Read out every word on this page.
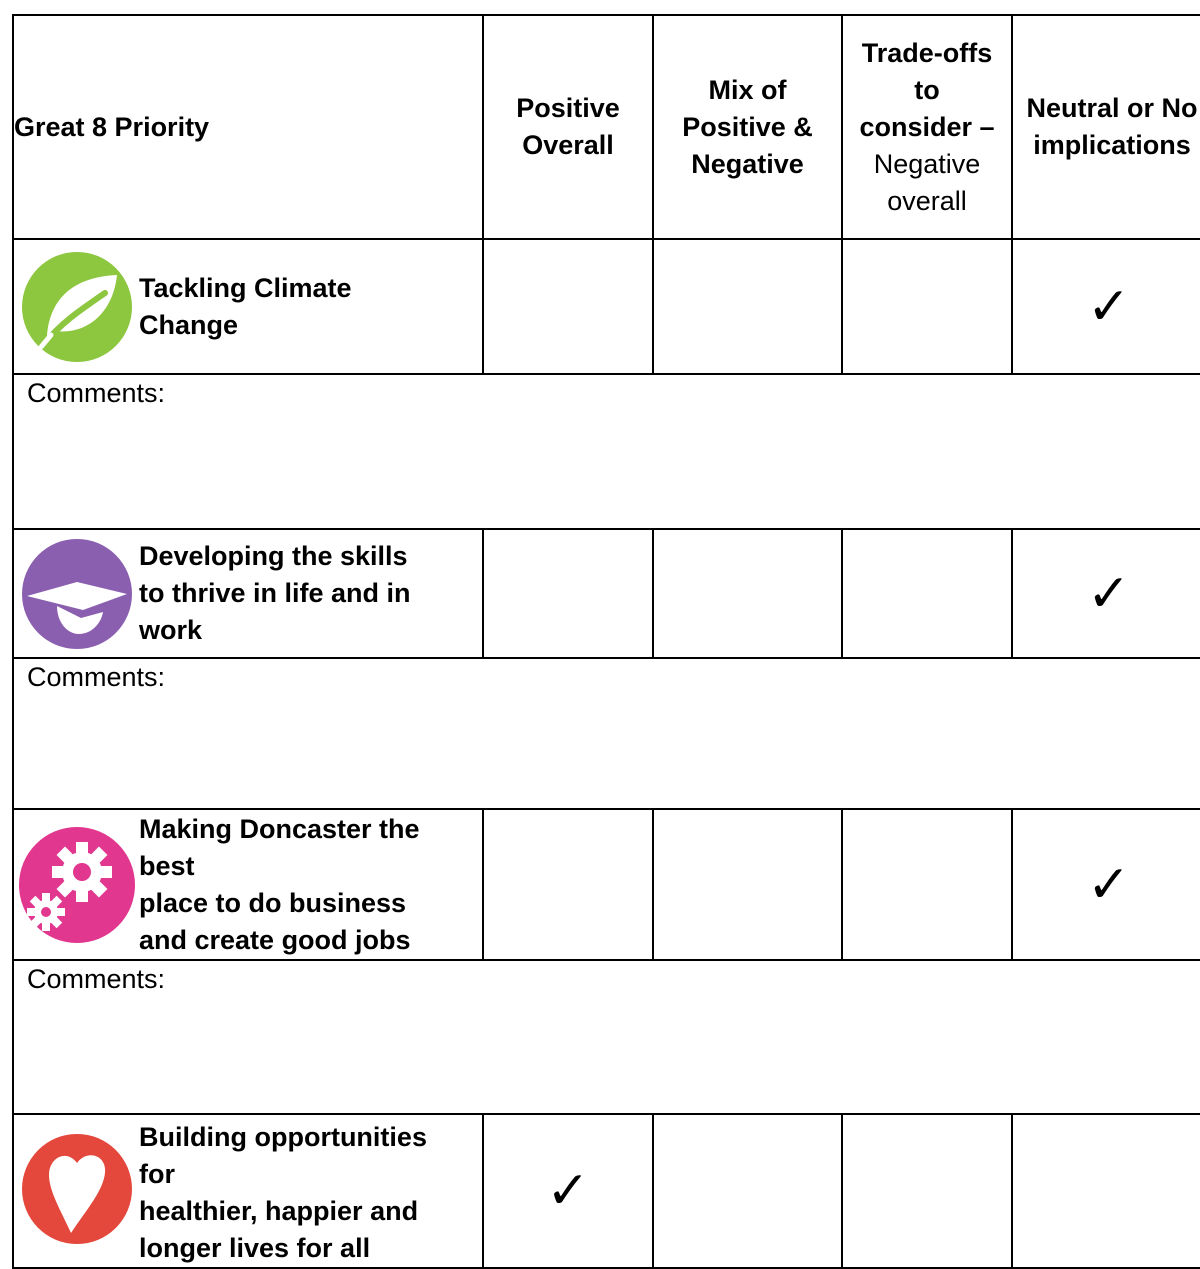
Great 8 Priority	Positive Overall	Mix of Positive & Negative	Trade-offs to consider –
Negative overall	Neutral or No implications

Tackling Climate
Change				✓
Comments:				

Developing the skills
to thrive in life and in
work				✓
Comments:				

Making Doncaster the
best
place to do business
and create good jobs				✓
Comments:				

Building opportunities
for
healthier, happier and
longer lives for all	✓			
